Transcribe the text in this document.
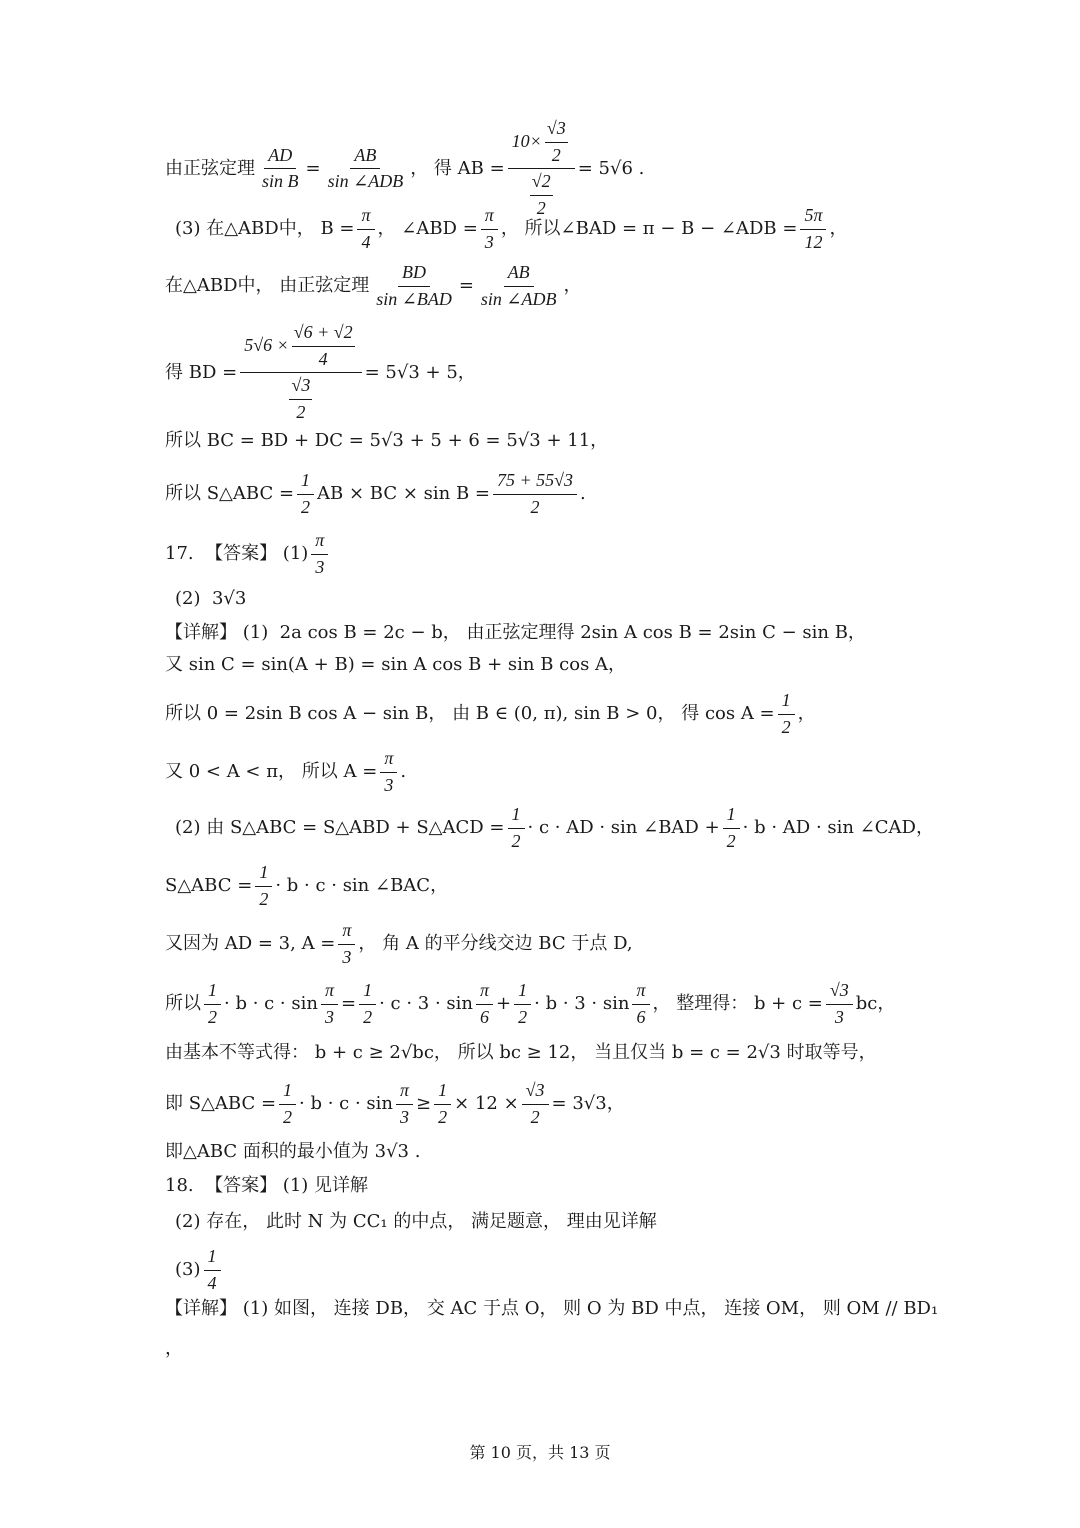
由正弦定理 $\frac{AD}{\text{sin B}} = \frac{AB}{\text{sin ∠ADB}}$ ， 得 AB = $\frac{10\times \frac{√3}{2}}{\frac{√2}{2}} = 5√6$ .
(3) 在△ABD中， $B = \frac{\pi}{4}$ ， ∠ABD = $\frac{\pi}{3}$ ， 所以∠BAD = π − B − ∠ADB = $\frac{5\pi}{12}$ ，
在△ABD中， 由正弦定理 $\frac{BD}{\text{sin ∠BAD}} = \frac{AB}{\text{sin ∠ADB}}$ ，
得 BD = $\frac{5√6 \times \frac{√6 + √2}{4}}{\frac{√3}{2}} = 5√3 + 5$，
所以 BC = BD + DC = 5√3 + 5 + 6 = 5√3 + 11，
所以 S△ABC = $\frac{1}{2}$ AB × BC × $\sin B = \frac{75 + 55√3}{2}$ .
17.  【答案】 $(1) \frac{\pi}{3}$
(2)  3√3
【详解】 (1)  2a cos B = 2c − b， 由正弦定理得 2sin A cos B = 2sin C − sin B，
又 sin C = sin(A + B) = sin A cos B + sin B cos A，
所以 0 = 2sin B cos A − sin B， 由 B ∈ (0, π), sin B > 0， 得 $\cos A = \frac{1}{2}$ ，
又 0 < A < π， 所以 $A = \frac{\pi}{3}$ .
(2) 由 S△ABC = S△ABD + S△ACD = $\frac{1}{2} \cdot c$ · AD · sin ∠BAD + $\frac{1}{2} \cdot b$ · AD · sin ∠CAD，
S△ABC = $\frac{1}{2} \cdot b \cdot c \cdot \sin$ ∠BAC，
又因为 AD = 3, $A = \frac{\pi}{3}$ ， 角 A 的平分线交边 BC 于点 D,
所以 $\frac{1}{2} \cdot b \cdot c \cdot \sin \frac{\pi}{3} = \frac{1}{2} \cdot c \cdot 3 \cdot \sin \frac{\pi}{6} + \frac{1}{2} \cdot b \cdot 3 \cdot \sin \frac{\pi}{6}$ ， 整理得： $b + c = \frac{√3}{3}$ bc，
由基本不等式得： b + c ≥ 2√bc， 所以 bc ≥ 12， 当且仅当 b = c = 2√3 时取等号，
即 S△ABC = $\frac{1}{2} \cdot b \cdot c \cdot \sin \frac{\pi}{3} \ge \frac{1}{2} \times 12 \times \frac{√3}{2} = 3√3$，
即△ABC 面积的最小值为 3√3 .
18.  【答案】 (1) 见详解
(2) 存在， 此时 N 为 CC₁ 的中点， 满足题意， 理由见详解
$(3) \frac{1}{4}$
【详解】 (1) 如图， 连接 DB， 交 AC 于点 O， 则 O 为 BD 中点， 连接 OM， 则 OM // BD₁
，
第 10 页，共 13 页
